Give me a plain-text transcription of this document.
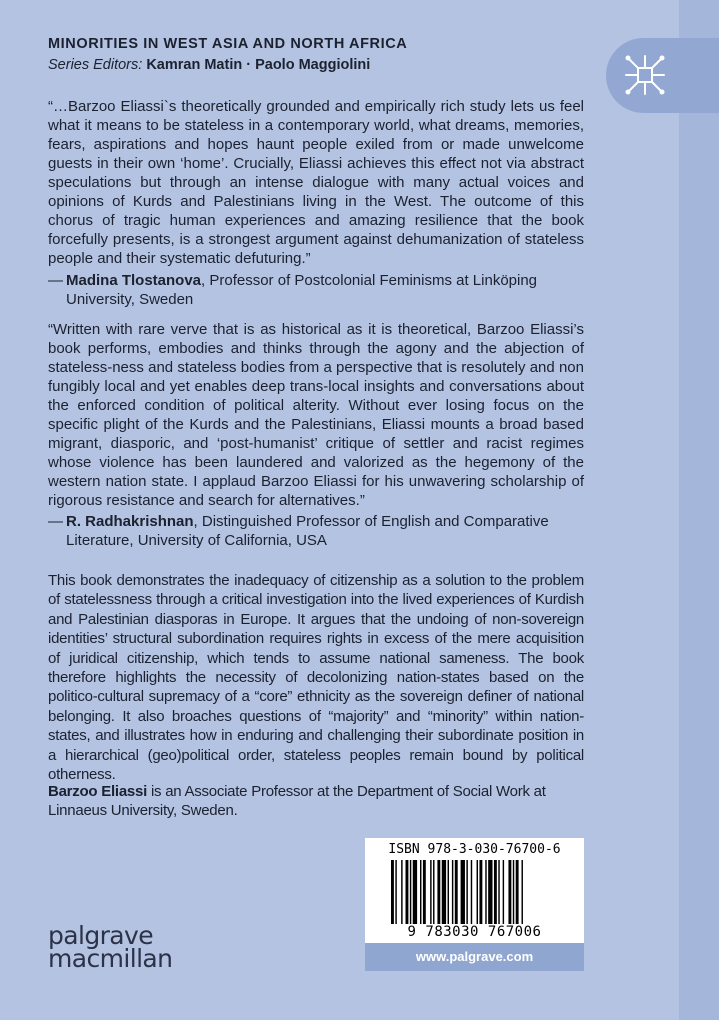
MINORITIES IN WEST ASIA AND NORTH AFRICA
Series Editors: Kamran Matin · Paolo Maggiolini

“…Barzoo Eliassi`s theoretically grounded and empirically rich study lets us feel what it means to be stateless in a contemporary world, what dreams, memories, fears, aspirations and hopes haunt people exiled from or made unwelcome guests in their own ‘home’. Crucially, Eliassi achieves this effect not via abstract speculations but through an intense dialogue with many actual voices and opinions of Kurds and Palestinians living in the West. The outcome of this chorus of tragic human experiences and amazing resilience that the book forcefully presents, is a strongest argument against dehumanization of stateless people and their systematic defuturing.”

— Madina Tlostanova, Professor of Postcolonial Feminisms at Linköping
University, Sweden

“Written with rare verve that is as historical as it is theoretical, Barzoo Eliassi’s book performs, embodies and thinks through the agony and the abjection of stateless-ness and stateless bodies from a perspective that is resolutely and non fungibly local and yet enables deep trans-local insights and conversations about the enforced condition of political alterity. Without ever losing focus on the specific plight of the Kurds and the Palestinians, Eliassi mounts a broad based migrant, diasporic, and ‘post-humanist’ critique of settler and racist regimes whose violence has been laundered and valorized as the hegemony of the western nation state. I applaud Barzoo Eliassi for his unwavering scholarship of rigorous resistance and search for alternatives.”

— R. Radhakrishnan, Distinguished Professor of English and Comparative
Literature, University of California, USA

This book demonstrates the inadequacy of citizenship as a solution to the problem of statelessness through a critical investigation into the lived experiences of Kurdish and Palestinian diasporas in Europe. It argues that the undoing of non-sovereign identities’ structural subordination requires rights in excess of the mere acquisition of juridical citizenship, which tends to assume national sameness. The book therefore highlights the necessity of decolonizing nation-states based on the politico-cultural supremacy of a “core” ethnicity as the sovereign definer of national belonging. It also broaches questions of “majority” and “minority” within nation-states, and illustrates how in enduring and challenging their subordinate position in a hierarchical (geo)political order, stateless peoples remain bound by political otherness.

Barzoo Eliassi is an Associate Professor at the Department of Social Work at Linnaeus University, Sweden.

ISBN 978-3-030-76700-6
9 783030 767006
www.palgrave.com
palgrave
macmillan
